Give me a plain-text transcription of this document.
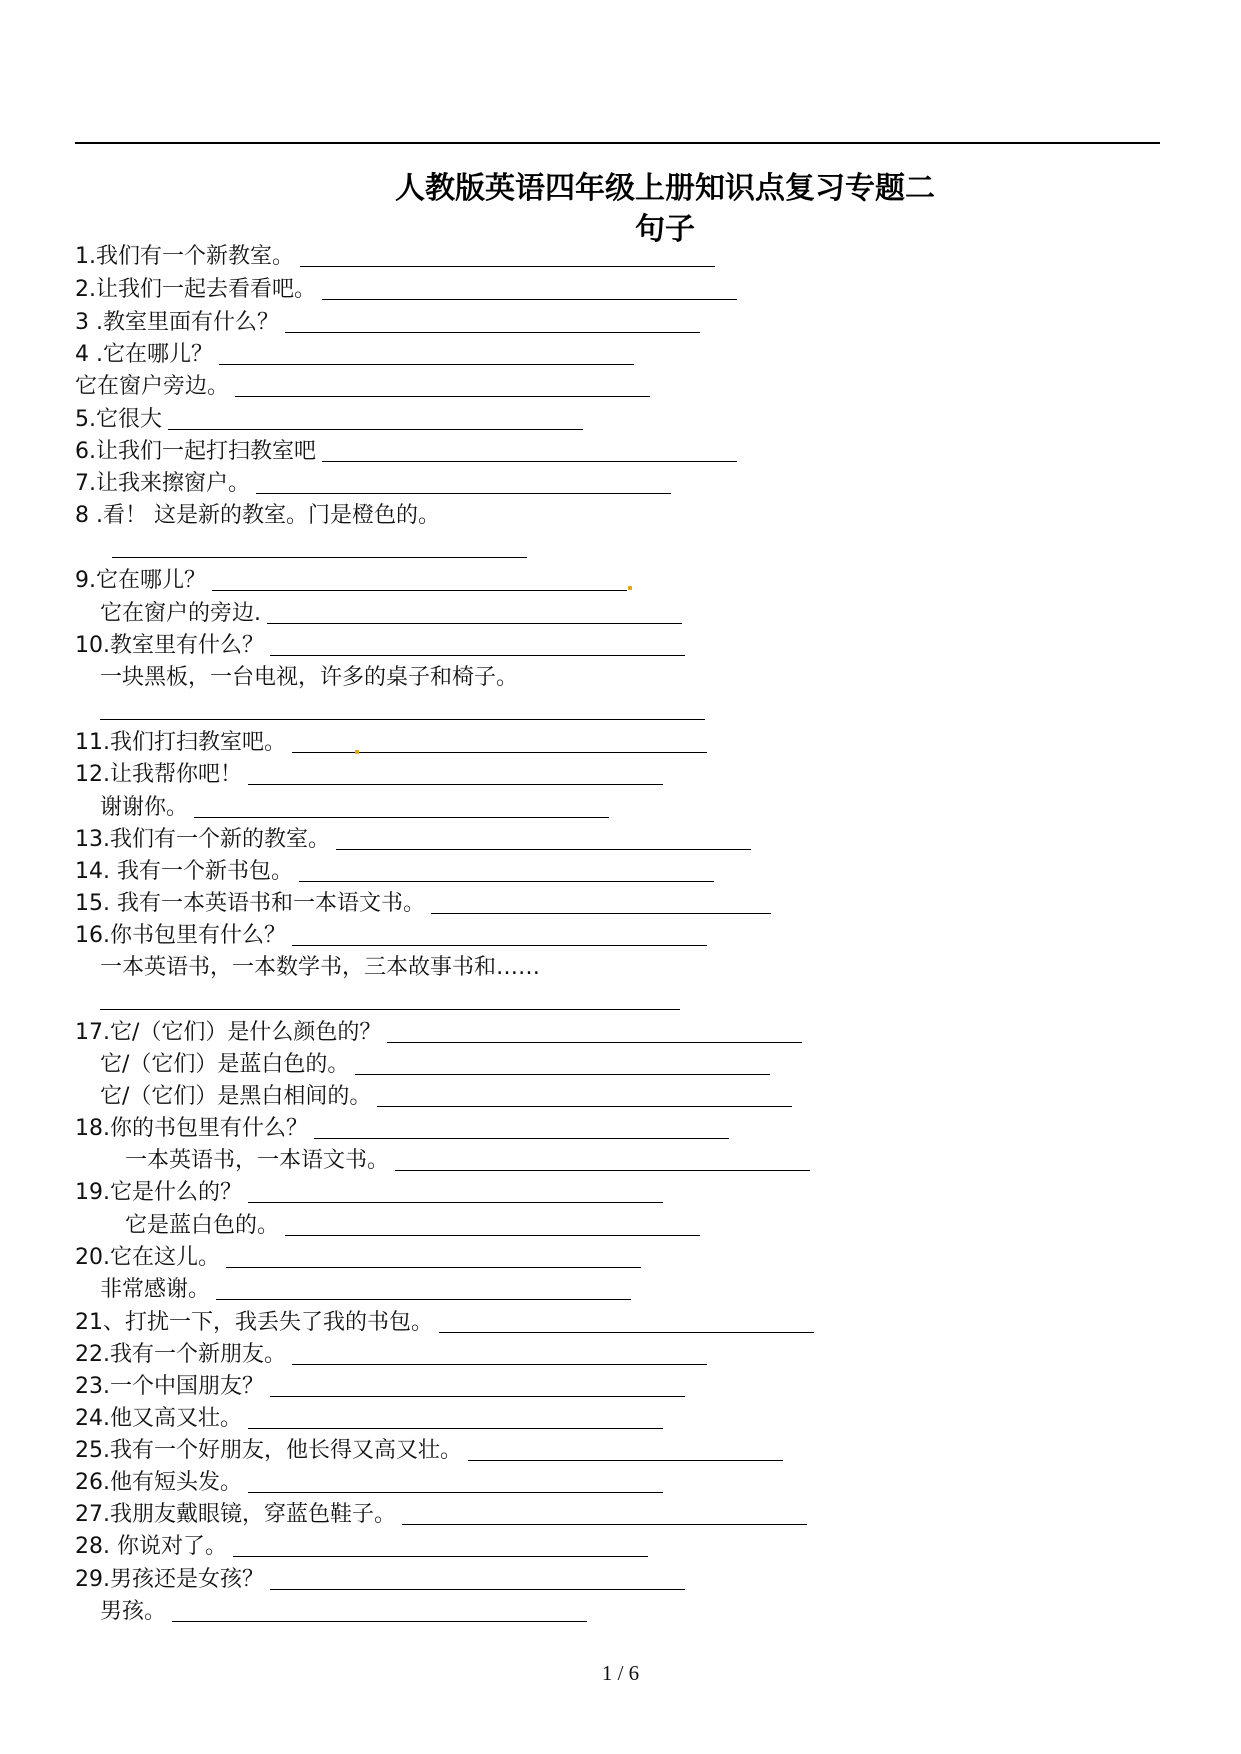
人教版英语四年级上册知识点复习专题二
句子
1.我们有一个新教室。
2.让我们一起去看看吧。
3 .教室里面有什么？
4 .它在哪儿？
它在窗户旁边。
5.它很大
6.让我们一起打扫教室吧
7.让我来擦窗户。
8 .看！ 这是新的教室。门是橙色的。
9.它在哪儿？
它在窗户的旁边.
10.教室里有什么？
一块黑板，一台电视，许多的桌子和椅子。
11.我们打扫教室吧。
12.让我帮你吧！
谢谢你。
13.我们有一个新的教室。
14. 我有一个新书包。
15. 我有一本英语书和一本语文书。
16.你书包里有什么？
一本英语书，一本数学书，三本故事书和……
17.它/（它们）是什么颜色的？
它/（它们）是蓝白色的。
它/（它们）是黑白相间的。
18.你的书包里有什么？
一本英语书，一本语文书。
19.它是什么的？
它是蓝白色的。
20.它在这儿。
非常感谢。
21、打扰一下，我丢失了我的书包。
22.我有一个新朋友。
23.一个中国朋友？
24.他又高又壮。
25.我有一个好朋友，他长得又高又壮。
26.他有短头发。
27.我朋友戴眼镜，穿蓝色鞋子。
28. 你说对了。
29.男孩还是女孩？
男孩。
1 / 6
